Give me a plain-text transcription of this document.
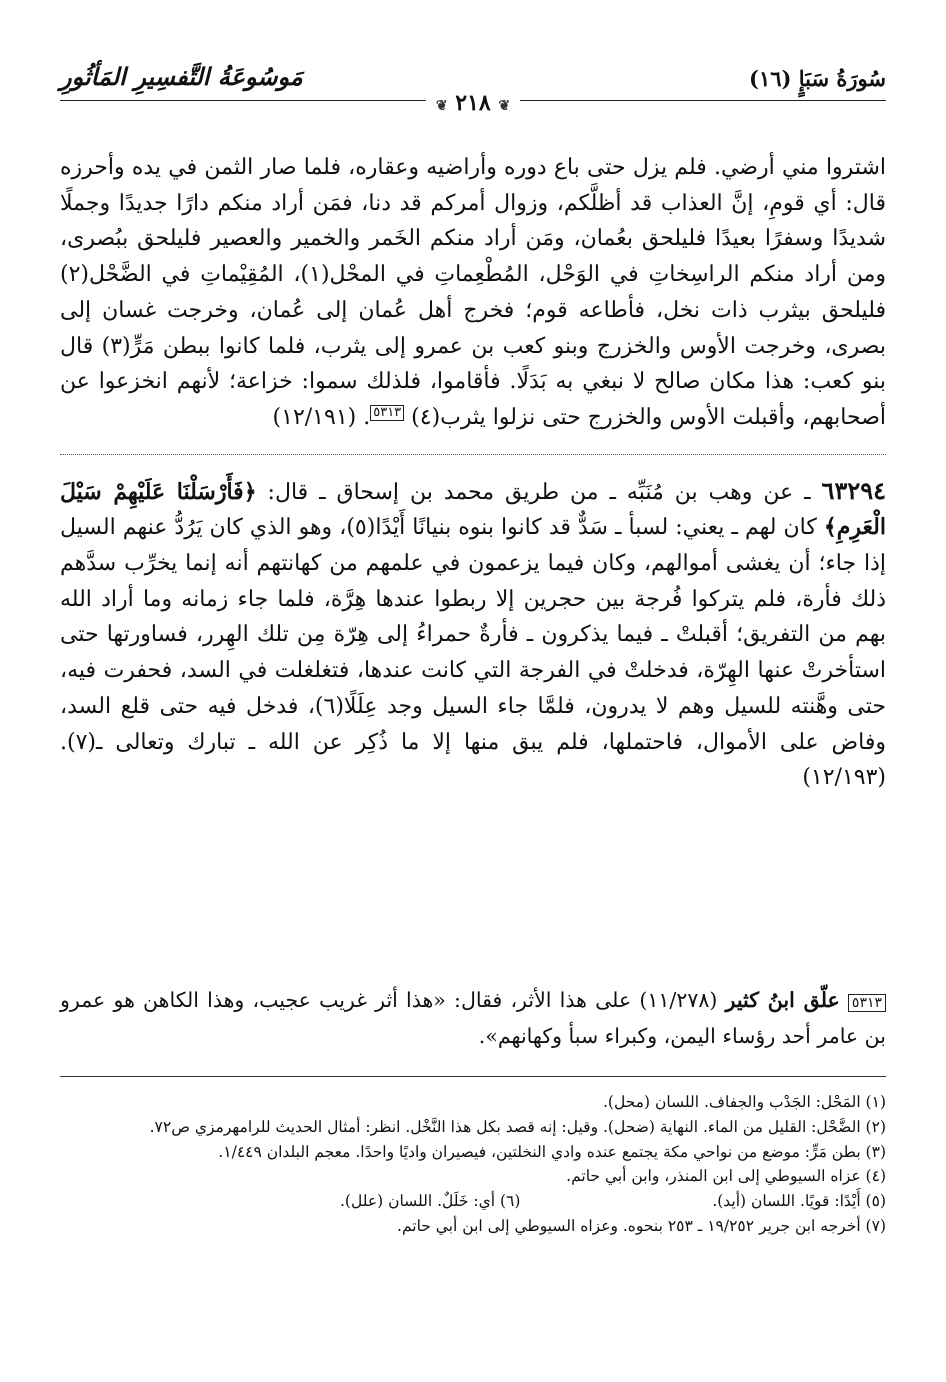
مَوسُوعَةُ التَّفسِيرِ المَأثُورِ	سُورَةُ سَبَإٍ (١٦)
❦ ٢١٨ ❦

اشتروا مني أرضي. فلم يزل حتى باع دوره وأراضيه وعقاره، فلما صار الثمن في يده وأحرزه قال: أي قومِ، إنَّ العذاب قد أظلَّكم، وزوال أمركم قد دنا، فمَن أراد منكم دارًا جديدًا وجملًا شديدًا وسفرًا بعيدًا فليلحق بعُمان، ومَن أراد منكم الخَمر والخمير والعصير فليلحق ببُصرى، ومن أراد منكم الراسِخاتِ في الوَحْل، المُطْعِماتِ في المحْل(١)، المُقِيْماتِ في الضَّحْل(٢) فليلحق بيثرب ذات نخل، فأطاعه قوم؛ فخرج أهل عُمان إلى عُمان، وخرجت غسان إلى بصرى، وخرجت الأوس والخزرج وبنو كعب بن عمرو إلى يثرب، فلما كانوا ببطن مَرٍّ(٣) قال بنو كعب: هذا مكان صالح لا نبغي به بَدَلًا. فأقاموا، فلذلك سموا: خزاعة؛ لأنهم انخزعوا عن أصحابهم، وأقبلت الأوس والخزرج حتى نزلوا يثرب(٤) ٥٣١٣. (١٢/١٩١)

٦٣٢٩٤ ـ عن وهب بن مُنَبِّه ـ من طريق محمد بن إسحاق ـ قال: ﴿فَأَرْسَلْنَا عَلَيْهِمْ سَيْلَ الْعَرِمِ﴾ كان لهم ـ يعني: لسبأ ـ سَدٌّ قد كانوا بنوه بنيانًا أَيْدًا(٥)، وهو الذي كان يَرُدُّ عنهم السيل إذا جاء؛ أن يغشى أموالهم، وكان فيما يزعمون في علمهم من كهانتهم أنه إنما يخرِّب سدَّهم ذلك فأرة، فلم يتركوا فُرجة بين حجرين إلا ربطوا عندها هِرَّة، فلما جاء زمانه وما أراد الله بهم من التفريق؛ أقبلتْ ـ فيما يذكرون ـ فأرةٌ حمراءُ إلى هِرّة مِن تلك الهِرر، فساورتها حتى استأخرتْ عنها الهِرّة، فدخلتْ في الفرجة التي كانت عندها، فتغلغلت في السد، فحفرت فيه، حتى وهَّنته للسيل وهم لا يدرون، فلمَّا جاء السيل وجد عِلَلًا(٦)، فدخل فيه حتى قلع السد، وفاض على الأموال، فاحتملها، فلم يبق منها إلا ما ذُكِر عن الله ـ تبارك وتعالى ـ(٧). (١٢/١٩٣)

٥٣١٣ علّق ابنُ كثير (١١/٢٧٨) على هذا الأثر، فقال: «هذا أثر غريب عجيب، وهذا الكاهن هو عمرو بن عامر أحد رؤساء اليمن، وكبراء سبأ وكهانهم».

(١) المَحْل: الجَدْب والجفاف. اللسان (محل).

(٢) الضَّحْل: القليل من الماء. النهاية (ضحل). وقيل: إنه قصد بكل هذا النَّخْل. انظر: أمثال الحديث للرامهرمزي ص٧٢.

(٣) بطن مَرٍّ: موضع من نواحي مكة يجتمع عنده وادي النخلتين، فيصيران واديًا واحدًا. معجم البلدان ١/٤٤٩.

(٤) عزاه السيوطي إلى ابن المنذر، وابن أبي حاتم.

(٥) أَيْدًا: قويًا. اللسان (أيد).
(٦) أي: خَلَلٌ. اللسان (علل).

(٧) أخرجه ابن جرير ١٩/٢٥٢ ـ ٢٥٣ بنحوه. وعزاه السيوطي إلى ابن أبي حاتم.
